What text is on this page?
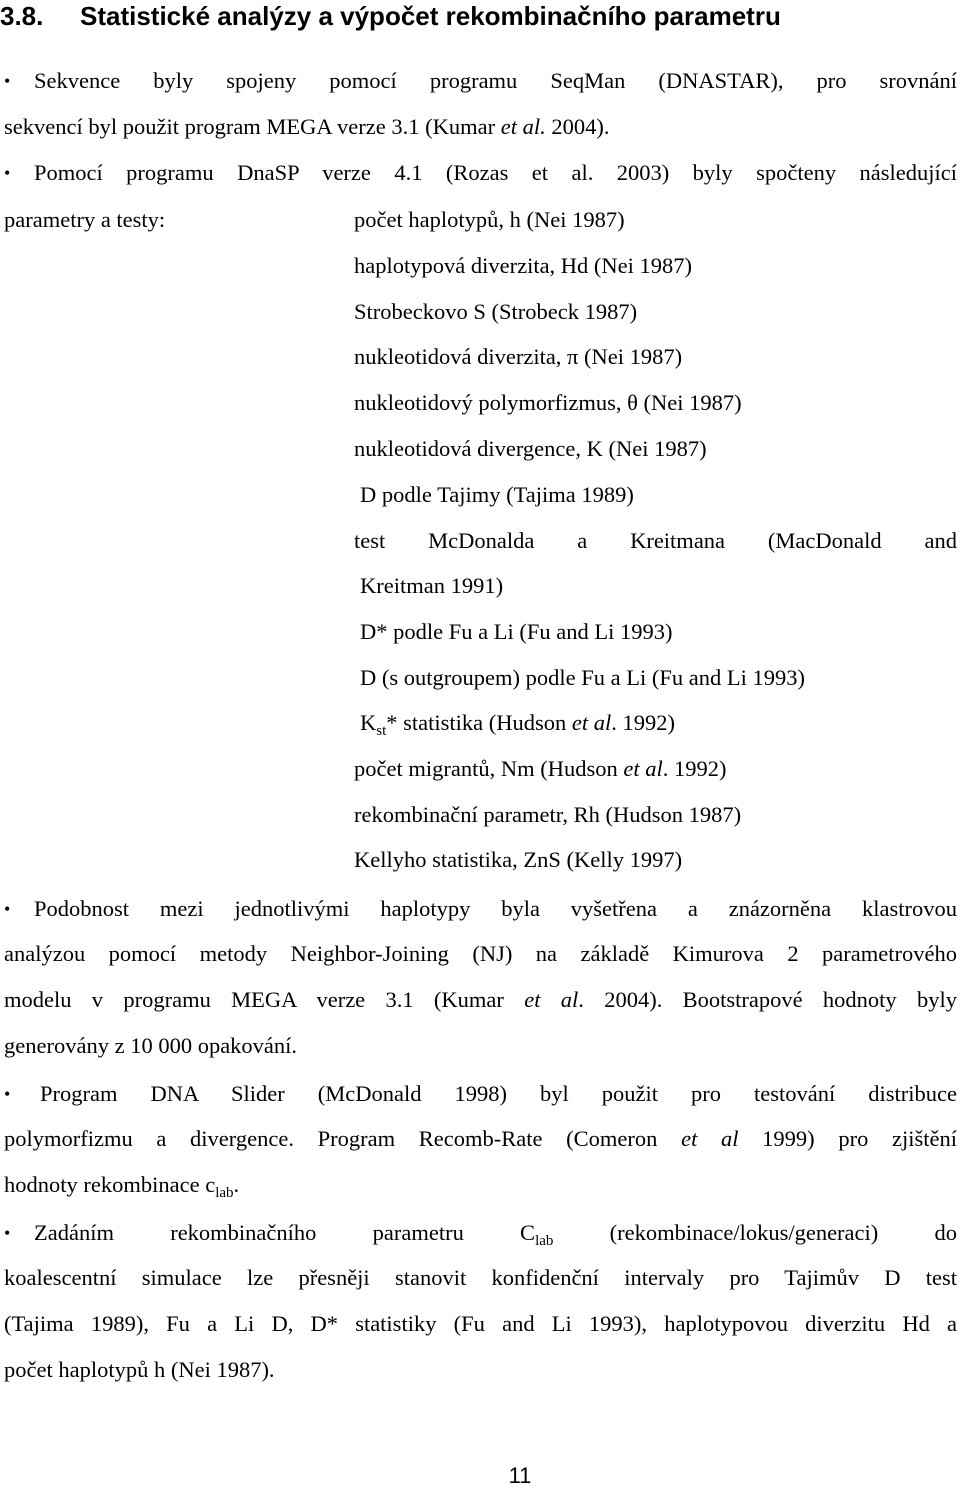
3.8. Statistické analýzy a výpočet rekombinačního parametru
• Sekvence byly spojeny pomocí programu SeqMan (DNASTAR), pro srovnání
sekvencí byl použit program MEGA verze 3.1 (Kumar et al. 2004).
• Pomocí programu DnaSP verze 4.1 (Rozas et al. 2003) byly spočteny následující
parametry a testy:	počet haplotypů, h (Nei 1987)
haplotypová diverzita, Hd (Nei 1987)
Strobeckovo S (Strobeck 1987)
nukleotidová diverzita, π (Nei 1987)
nukleotidový polymorfizmus, θ (Nei 1987)
nukleotidová divergence, K (Nei 1987)
D podle Tajimy (Tajima 1989)
test McDonalda a Kreitmana (MacDonald and
Kreitman 1991)
D* podle Fu a Li (Fu and Li 1993)
D (s outgroupem) podle Fu a Li (Fu and Li 1993)
$K_{st}*$ statistika (Hudson et al. 1992)
počet migrantů, Nm (Hudson et al. 1992)
rekombinační parametr, Rh (Hudson 1987)
Kellyho statistika, ZnS (Kelly 1997)
• Podobnost mezi jednotlivými haplotypy byla vyšetřena a znázorněna klastrovou
analýzou pomocí metody Neighbor-Joining (NJ) na základě Kimurova 2 parametrového
modelu v programu MEGA verze 3.1 (Kumar et al. 2004). Bootstrapové hodnoty byly
generovány z 10 000 opakování.
• Program DNA Slider (McDonald 1998) byl použit pro testování distribuce
polymorfizmu a divergence. Program Recomb-Rate (Comeron et al 1999) pro zjištění
hodnoty rekombinace $c_{lab}$.
• Zadáním rekombinačního parametru $C_{lab}$ (rekombinace/lokus/generaci) do
koalescentní simulace lze přesněji stanovit konfidenční intervaly pro Tajimův D test
(Tajima 1989), Fu a Li D, D* statistiky (Fu and Li 1993), haplotypovou diverzitu Hd a
počet haplotypů h (Nei 1987).
11
